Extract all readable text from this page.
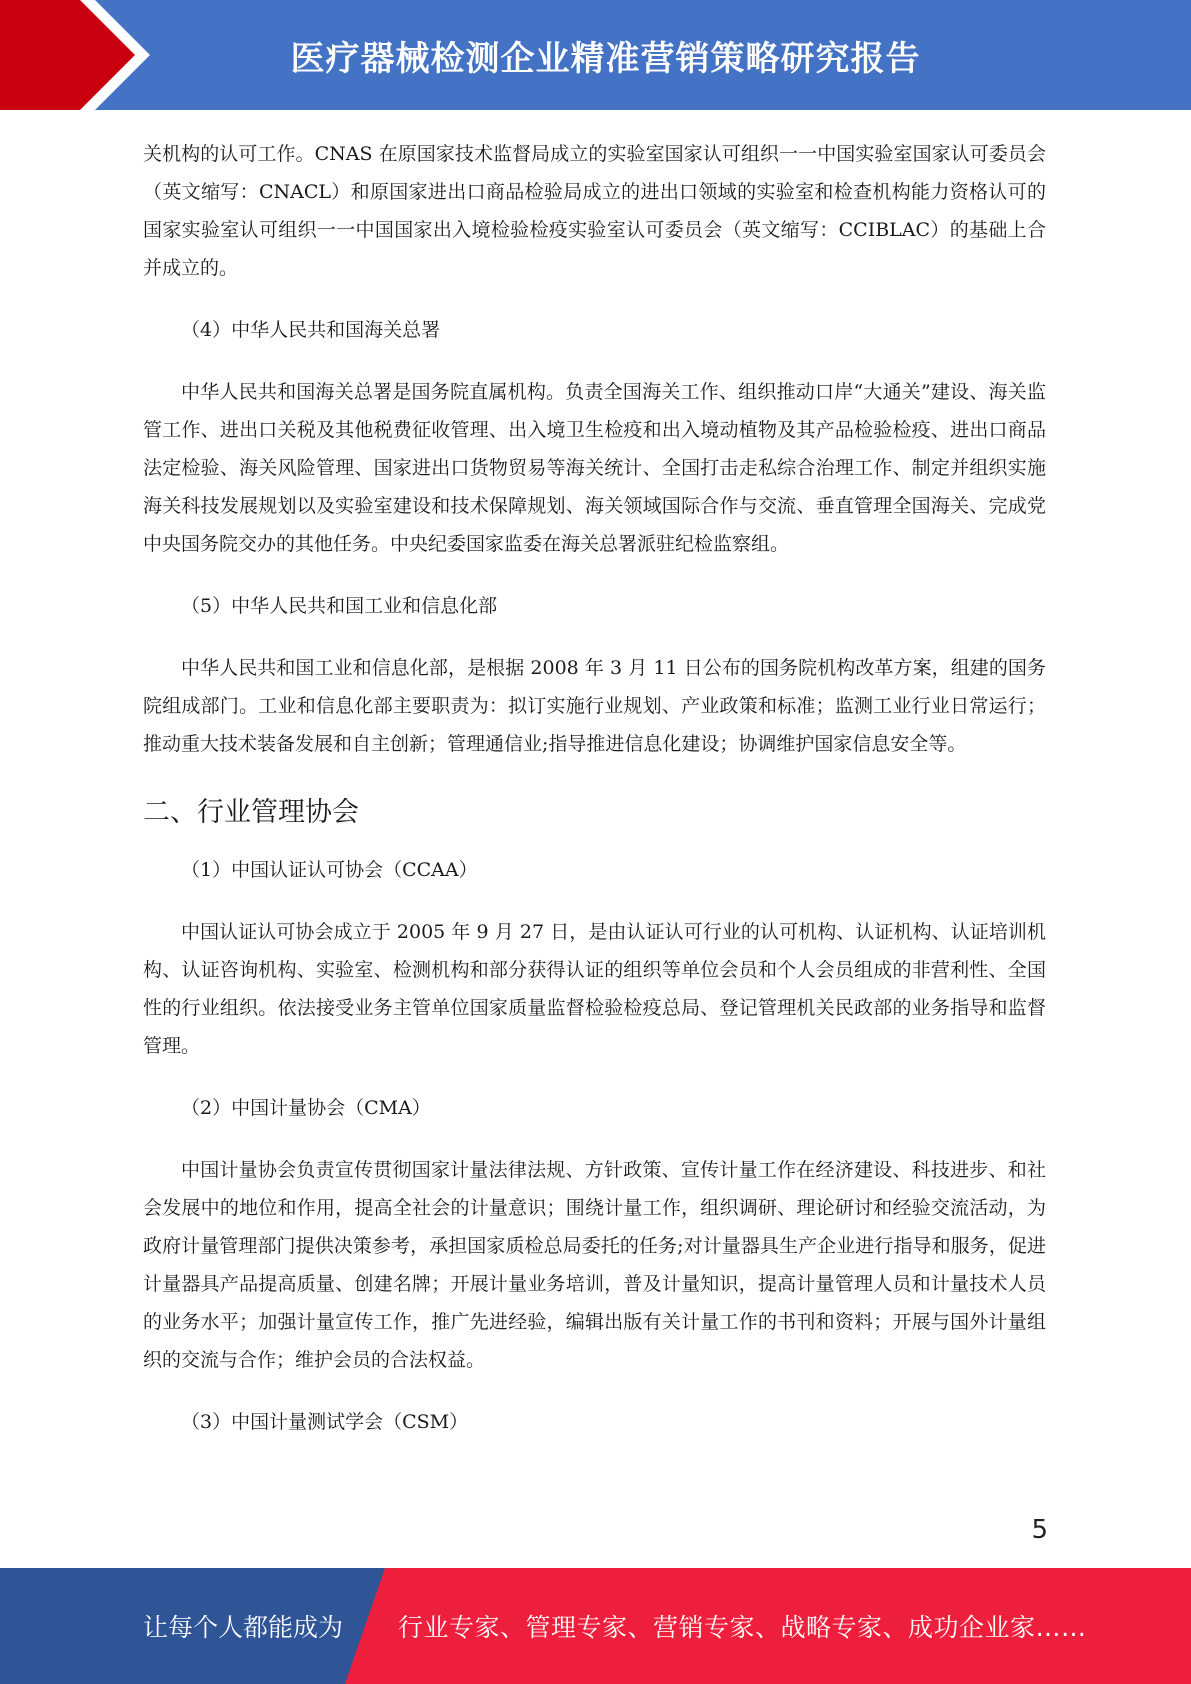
医疗器械检测企业精准营销策略研究报告

关机构的认可工作。CNAS 在原国家技术监督局成立的实验室国家认可组织一一中国实验室国家认可委员会（英文缩写：CNACL）和原国家进出口商品检验局成立的进出口领域的实验室和检查机构能力资格认可的国家实验室认可组织一一中国国家出入境检验检疫实验室认可委员会（英文缩写：CCIBLAC）的基础上合并成立的。

（4）中华人民共和国海关总署

中华人民共和国海关总署是国务院直属机构。负责全国海关工作、组织推动口岸“大通关”建设、海关监管工作、进出口关税及其他税费征收管理、出入境卫生检疫和出入境动植物及其产品检验检疫、进出口商品法定检验、海关风险管理、国家进出口货物贸易等海关统计、全国打击走私综合治理工作、制定并组织实施海关科技发展规划以及实验室建设和技术保障规划、海关领域国际合作与交流、垂直管理全国海关、完成党中央国务院交办的其他任务。中央纪委国家监委在海关总署派驻纪检监察组。

（5）中华人民共和国工业和信息化部

中华人民共和国工业和信息化部，是根据 2008 年 3 月 11 日公布的国务院机构改革方案，组建的国务院组成部门。工业和信息化部主要职责为：拟订实施行业规划、产业政策和标准；监测工业行业日常运行；推动重大技术装备发展和自主创新；管理通信业;指导推进信息化建设；协调维护国家信息安全等。

二、行业管理协会

（1）中国认证认可协会（CCAA）

中国认证认可协会成立于 2005 年 9 月 27 日，是由认证认可行业的认可机构、认证机构、认证培训机构、认证咨询机构、实验室、检测机构和部分获得认证的组织等单位会员和个人会员组成的非营利性、全国性的行业组织。依法接受业务主管单位国家质量监督检验检疫总局、登记管理机关民政部的业务指导和监督管理。

（2）中国计量协会（CMA）

中国计量协会负责宣传贯彻国家计量法律法规、方针政策、宣传计量工作在经济建设、科技进步、和社会发展中的地位和作用，提高全社会的计量意识；围绕计量工作，组织调研、理论研讨和经验交流活动，为政府计量管理部门提供决策参考，承担国家质检总局委托的任务;对计量器具生产企业进行指导和服务，促进计量器具产品提高质量、创建名牌；开展计量业务培训，普及计量知识，提高计量管理人员和计量技术人员的业务水平；加强计量宣传工作，推广先进经验，编辑出版有关计量工作的书刊和资料；开展与国外计量组织的交流与合作；维护会员的合法权益。

（3）中国计量测试学会（CSM）

5
让每个人都能成为 行业专家、管理专家、营销专家、战略专家、成功企业家……
